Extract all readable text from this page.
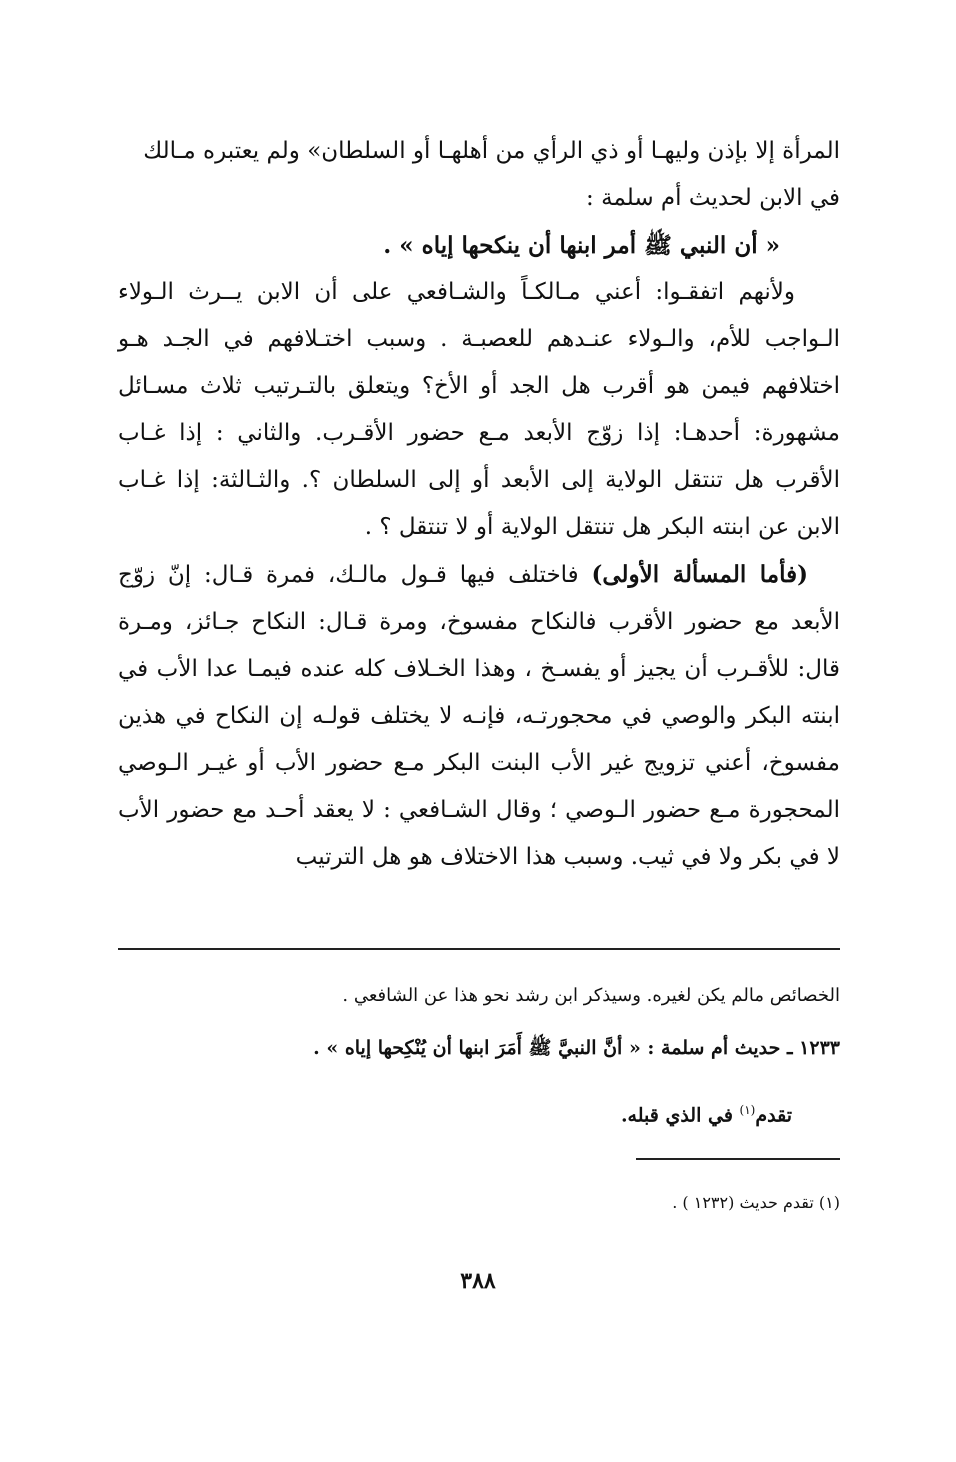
المرأة إلا بإذن وليهـا أو ذي الرأي من أهلهـا أو السلطان» ولم يعتبره مـالك

في الابن لحديث أم سلمة :

« أن النبي ﷺ أمر ابنها أن ينكحها إياه » .

ولأنهم اتفقـوا: أعني مـالكـاً والشـافعي على أن الابن يــرث الـولاء الـواجب للأم، والـولاء عنـدهم للعصبـة . وسبب اختـلافهم في الجـد هـو اختلافهم فيمن هو أقرب هل الجد أو الأخ؟ ويتعلق بالتـرتيب ثلاث مسـائل مشهورة: أحدهـا: إذا زوّج الأبعد مـع حضور الأقـرب. والثاني : إذا غـاب الأقرب هل تنتقل الولاية إلى الأبعد أو إلى السلطان ؟. والثـالثة: إذا غـاب الابن عن ابنته البكر هل تنتقل الولاية أو لا تنتقل ؟ .

(فأما المسألة الأولى) فاختلف فيها قـول مالـك، فمرة قـال: إنّ زوّج الأبعد مع حضور الأقرب فالنكاح مفسوخ، ومرة قـال: النكاح جـائز، ومـرة قال: للأقـرب أن يجيز أو يفسـخ ، وهذا الخـلاف كله عنده فيمـا عدا الأب في ابنته البكر والوصي في محجورتـه، فإنـه لا يختلف قولـه إن النكاح في هذين مفسوخ، أعني تزويج غير الأب البنت البكر مـع حضور الأب أو غيـر الـوصي المحجورة مـع حضور الـوصي ؛ وقال الشـافعي : لا يعقد أحـد مع حضور الأب لا في بكر ولا في ثيب. وسبب هذا الاختلاف هو هل الترتيب

الخصائص مالم يكن لغيره. وسيذكر ابن رشد نحو هذا عن الشافعي .

١٢٣٣ ـ حديث أم سلمة : « أنَّ النبيَّ ﷺ أَمَرَ ابنها أن يُنْكِحها إياه » .

تقدم$^{(١)}$ في الذي قبله.

(١) تقدم حديث (١٢٣٢ ) .
٣٨٨
